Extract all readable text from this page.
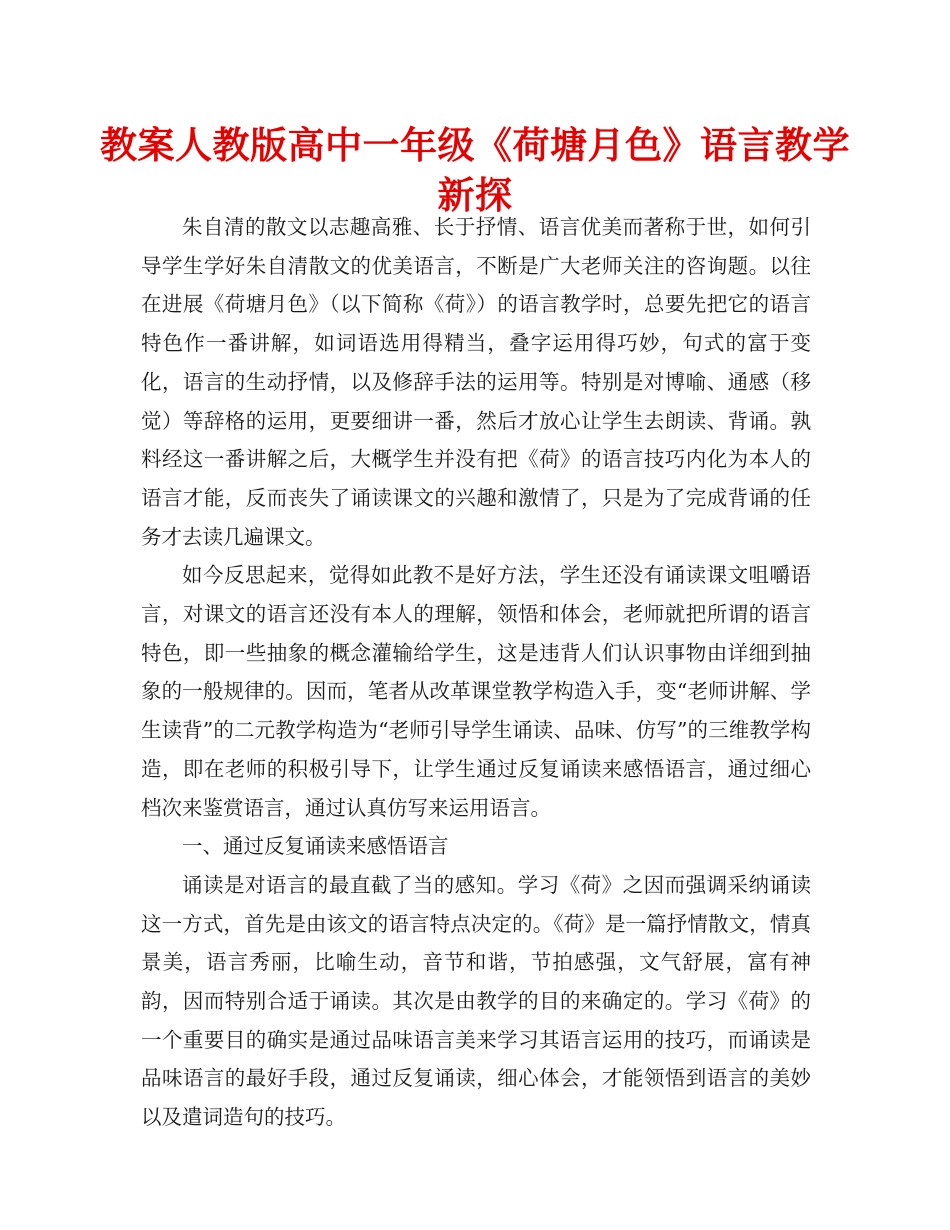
教案人教版高中一年级《荷塘月色》语言教学新探

朱自清的散文以志趣高雅、长于抒情、语言优美而著称于世，如何引导学生学好朱自清散文的优美语言，不断是广大老师关注的咨询题。以往在进展《荷塘月色》（以下简称《荷》）的语言教学时，总要先把它的语言特色作一番讲解，如词语选用得精当，叠字运用得巧妙，句式的富于变化，语言的生动抒情，以及修辞手法的运用等。特别是对博喻、通感（移觉）等辞格的运用，更要细讲一番，然后才放心让学生去朗读、背诵。孰料经这一番讲解之后，大概学生并没有把《荷》的语言技巧内化为本人的语言才能，反而丧失了诵读课文的兴趣和激情了，只是为了完成背诵的任务才去读几遍课文。

如今反思起来，觉得如此教不是好方法，学生还没有诵读课文咀嚼语言，对课文的语言还没有本人的理解，领悟和体会，老师就把所谓的语言特色，即一些抽象的概念灌输给学生，这是违背人们认识事物由详细到抽象的一般规律的。因而，笔者从改革课堂教学构造入手，变“老师讲解、学生读背”的二元教学构造为“老师引导学生诵读、品味、仿写”的三维教学构造，即在老师的积极引导下，让学生通过反复诵读来感悟语言，通过细心档次来鉴赏语言，通过认真仿写来运用语言。

一、通过反复诵读来感悟语言

诵读是对语言的最直截了当的感知。学习《荷》之因而强调采纳诵读这一方式，首先是由该文的语言特点决定的。《荷》是一篇抒情散文，情真景美，语言秀丽，比喻生动，音节和谐，节拍感强，文气舒展，富有神韵，因而特别合适于诵读。其次是由教学的目的来确定的。学习《荷》的一个重要目的确实是通过品味语言美来学习其语言运用的技巧，而诵读是品味语言的最好手段，通过反复诵读，细心体会，才能领悟到语言的美妙以及遣词造句的技巧。
